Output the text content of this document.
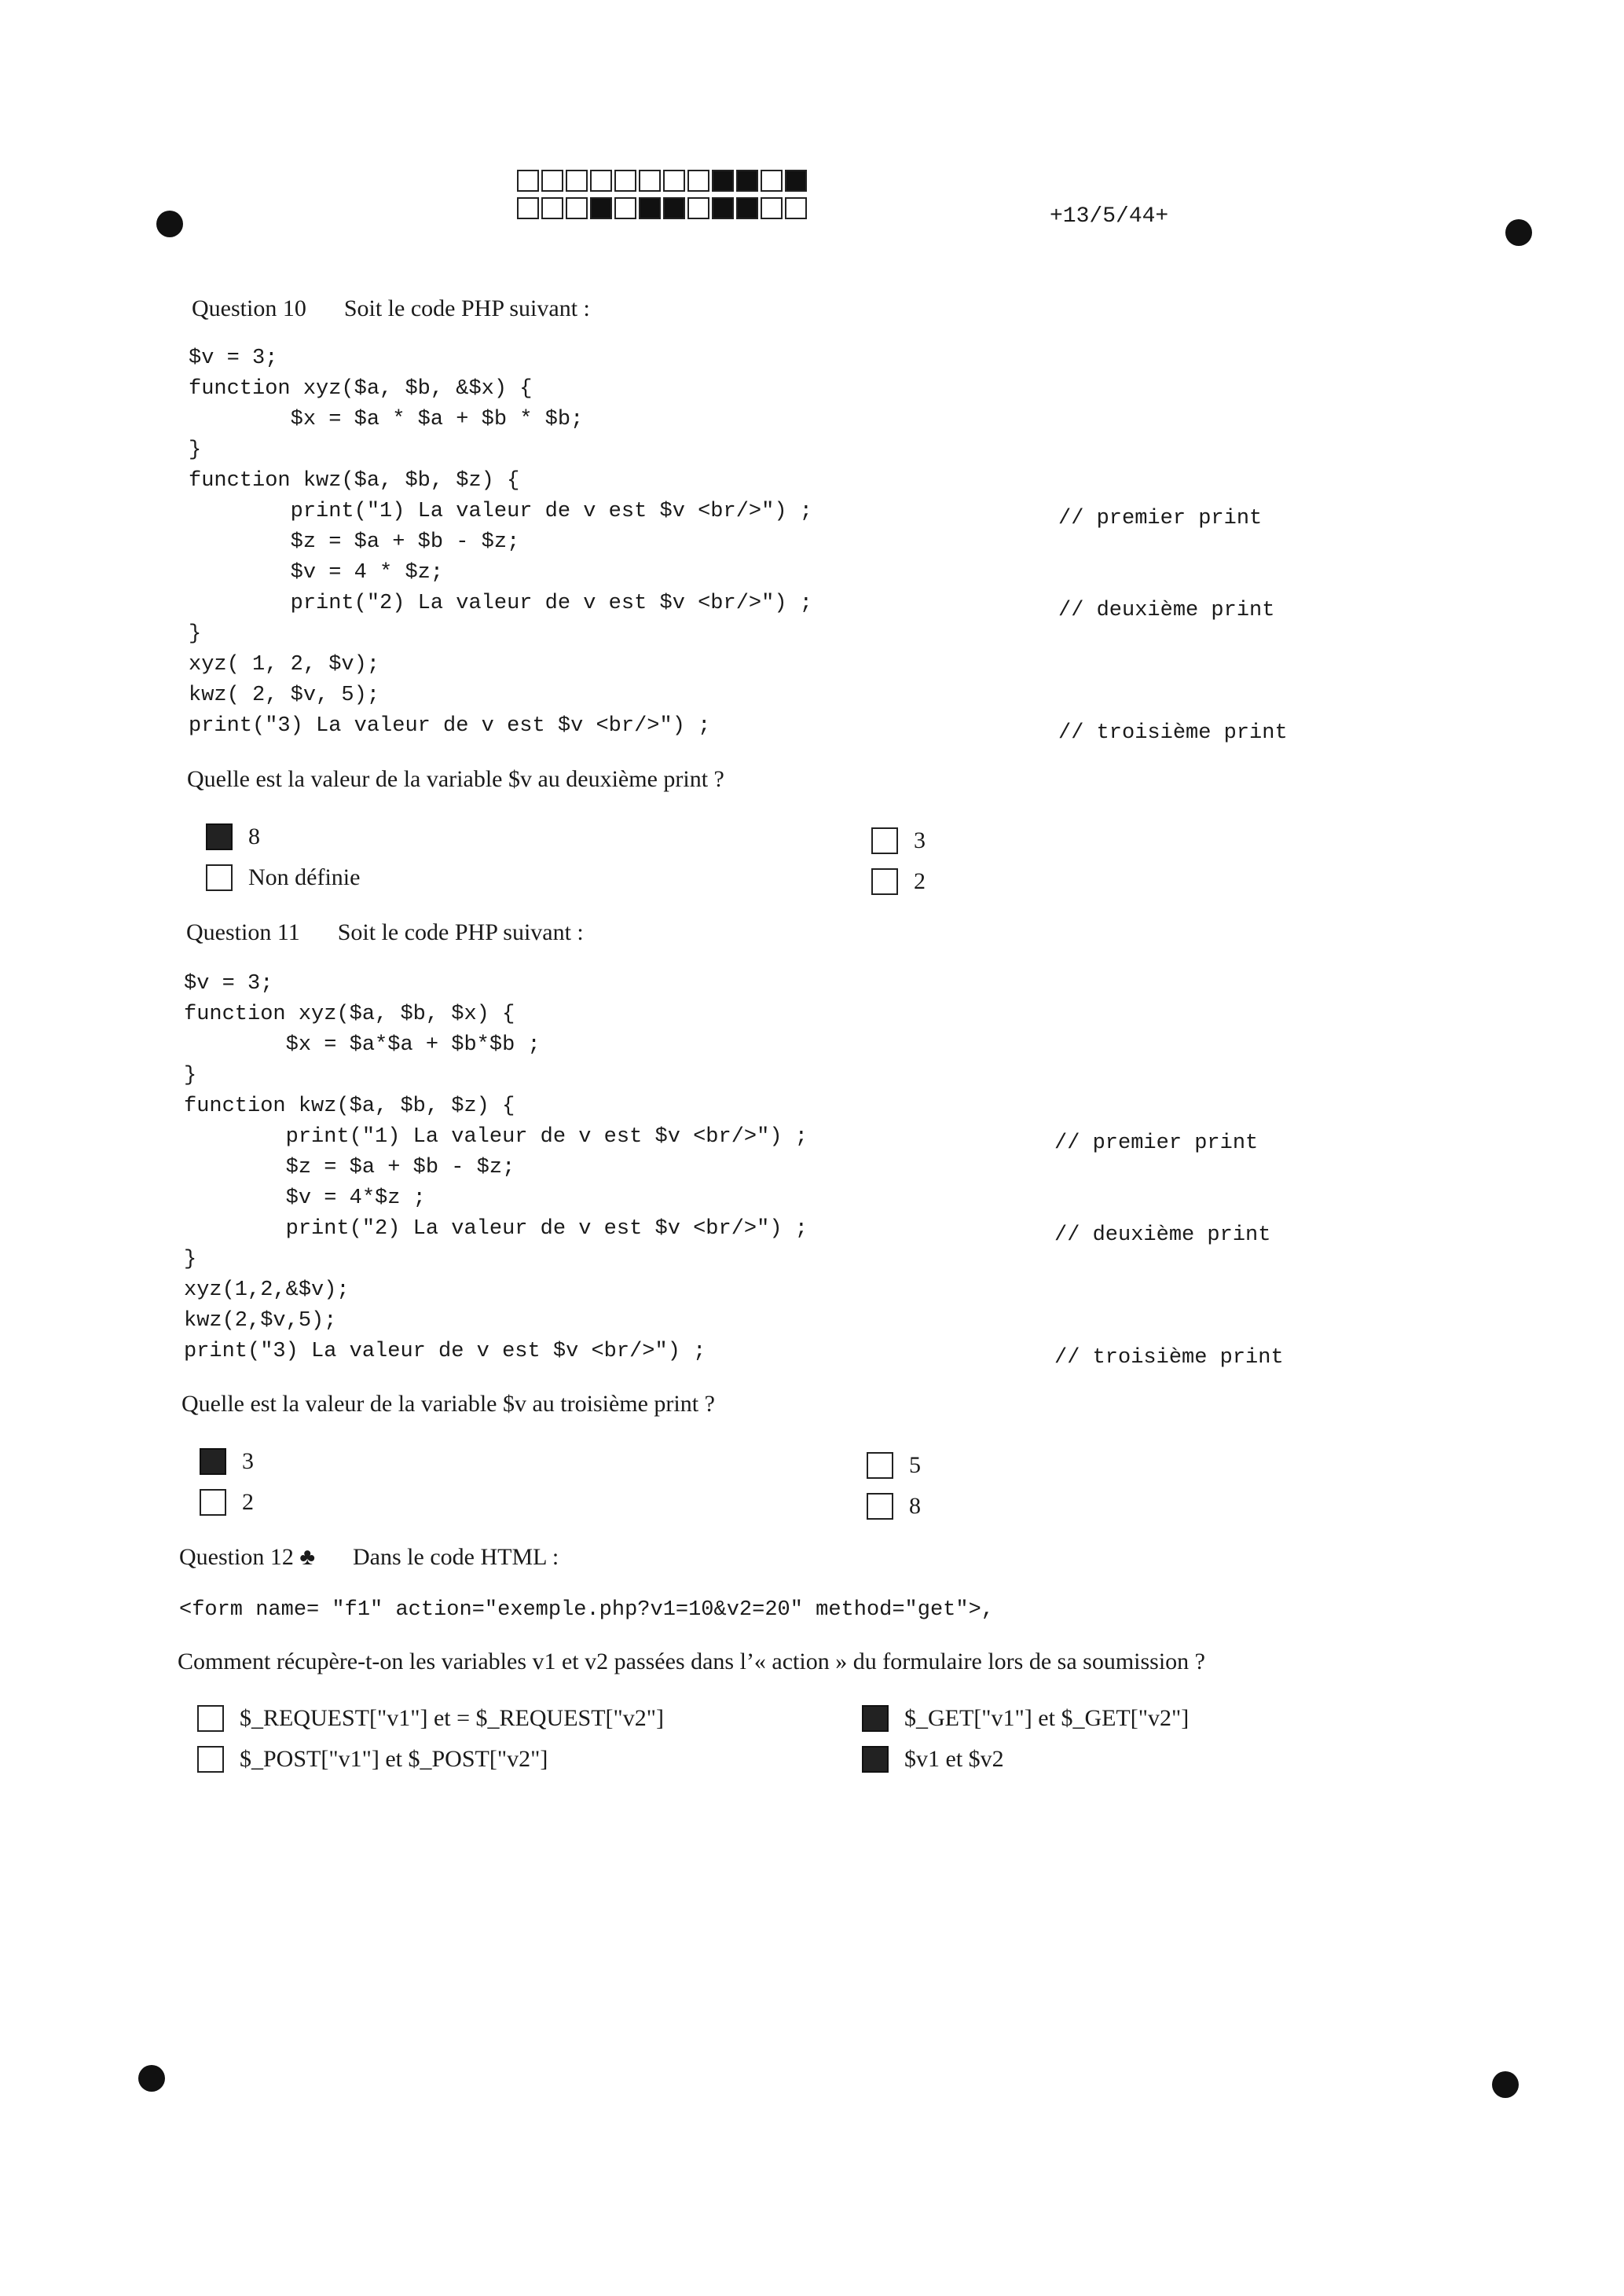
+13/5/44+
Question 10 Soit le code PHP suivant :
$v = 3;
function xyz($a, $b, &$x) {
$x = $a * $a + $b * $b;
}
function kwz($a, $b, $z) {
print("1) La valeur de v est $v <br/>") ;
$z = $a + $b - $z;
$v = 4 * $z;
print("2) La valeur de v est $v <br/>") ;
}
xyz( 1, 2, $v);
kwz( 2, $v, 5);
print("3) La valeur de v est $v <br/>") ;
// premier print
// deuxième print
// troisième print
Quelle est la valeur de la variable $v au deuxième print ?
8
Non définie
3
2
Question 11 Soit le code PHP suivant :
$v = 3;
function xyz($a, $b, $x) {
$x = $a*$a + $b*$b ;
}
function kwz($a, $b, $z) {
print("1) La valeur de v est $v <br/>") ;
$z = $a + $b - $z;
$v = 4*$z ;
print("2) La valeur de v est $v <br/>") ;
}
xyz(1,2,&$v);
kwz(2,$v,5);
print("3) La valeur de v est $v <br/>") ;
// premier print
// deuxième print
// troisième print
Quelle est la valeur de la variable $v au troisième print ?
3
2
5
8
Question 12 ♣ Dans le code HTML :
<form name= "f1" action="exemple.php?v1=10&v2=20" method="get">,
Comment récupère-t-on les variables v1 et v2 passées dans l’« action » du formulaire lors de sa soumission ?
$_REQUEST["v1"] et = $_REQUEST["v2"]
$_POST["v1"] et $_POST["v2"]
$_GET["v1"] et $_GET["v2"]
$v1 et $v2
